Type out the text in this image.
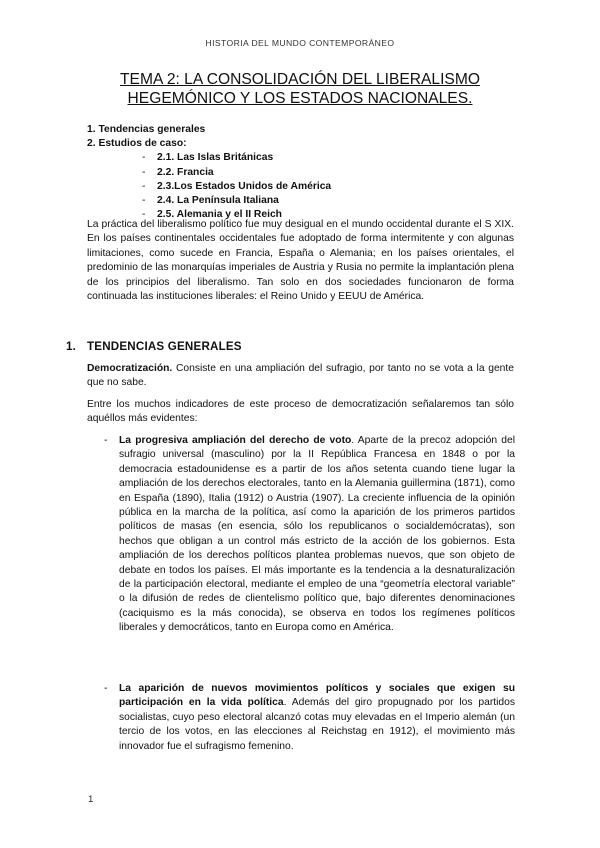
HISTORIA DEL MUNDO CONTEMPORÁNEO
TEMA 2: LA CONSOLIDACIÓN DEL LIBERALISMO
HEGEMÓNICO Y LOS ESTADOS NACIONALES.
1. Tendencias generales
2. Estudios de caso:
- 2.1. Las Islas Británicas
- 2.2. Francia
- 2.3.Los Estados Unidos de América
- 2.4. La Península Italiana
- 2.5. Alemania y el II Reich

La práctica del liberalismo político fue muy desigual en el mundo occidental durante el S XIX. En los países continentales occidentales fue adoptado de forma intermitente y con algunas limitaciones, como sucede en Francia, España o Alemania; en los países orientales, el predominio de las monarquías imperiales de Austria y Rusia no permite la implantación plena de los principios del liberalismo. Tan solo en dos sociedades funcionaron de forma continuada las instituciones liberales: el Reino Unido y EEUU de América.

1. TENDENCIAS GENERALES

Democratización. Consiste en una ampliación del sufragio, por tanto no se vota a la gente que no sabe.

Entre los muchos indicadores de este proceso de democratización señalaremos tan sólo aquéllos más evidentes:

- La progresiva ampliación del derecho de voto. Aparte de la precoz adopción del sufragio universal (masculino) por la II República Francesa en 1848 o por la democracia estadounidense es a partir de los años setenta cuando tiene lugar la ampliación de los derechos electorales, tanto en la Alemania guillermina (1871), como en España (1890), Italia (1912) o Austria (1907). La creciente influencia de la opinión pública en la marcha de la política, así como la aparición de los primeros partidos políticos de masas (en esencia, sólo los republicanos o socialdemócratas), son hechos que obligan a un control más estricto de la acción de los gobiernos. Esta ampliación de los derechos políticos plantea problemas nuevos, que son objeto de debate en todos los países. El más importante es la tendencia a la desnaturalización de la participación electoral, mediante el empleo de una “geometría electoral variable” o la difusión de redes de clientelismo político que, bajo diferentes denominaciones (caciquismo es la más conocida), se observa en todos los regímenes políticos liberales y democráticos, tanto en Europa como en América.
- La aparición de nuevos movimientos políticos y sociales que exigen su participación en la vida política. Además del giro propugnado por los partidos socialistas, cuyo peso electoral alcanzó cotas muy elevadas en el Imperio alemán (un tercio de los votos, en las elecciones al Reichstag en 1912), el movimiento más innovador fue el sufragismo femenino.
1
